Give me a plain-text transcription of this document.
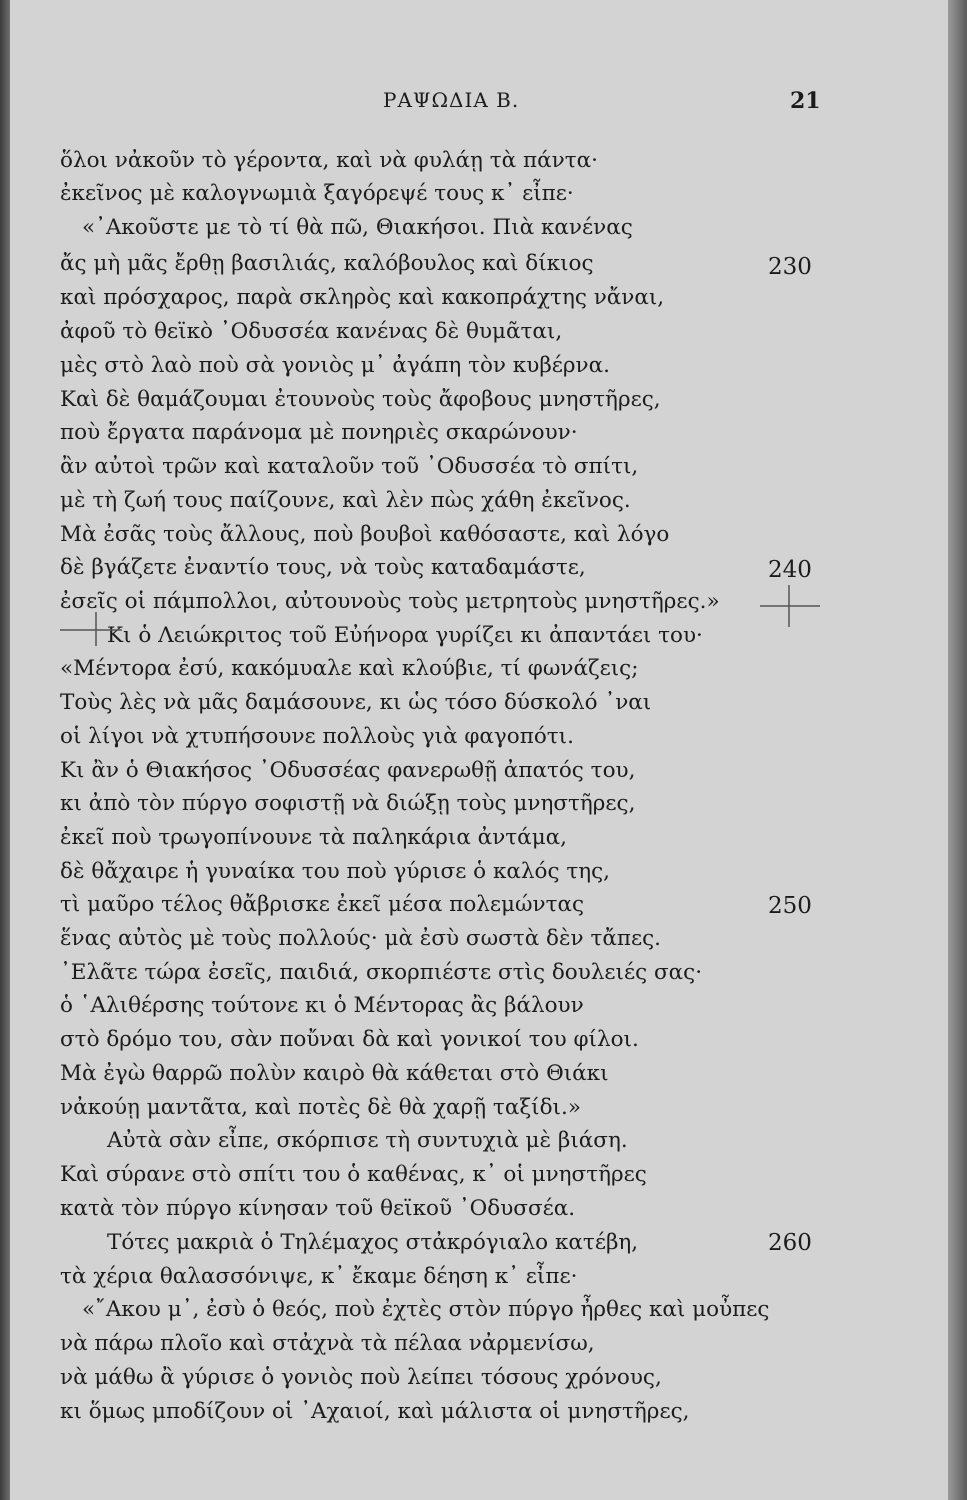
ΡΑΨΩΔΙΑ Β.	21
ὅλοι νἀκοῦν τὸ γέροντα, καὶ νὰ φυλάῃ τὰ πάντα·
ἐκεῖνος μὲ καλογνωμιὰ ξαγόρεψέ τους κ᾿ εἶπε·
«᾿Ακοῦστε με τὸ τί θὰ πῶ, Θιακήσοι. Πιὰ κανένας
ἄς μὴ μᾶς ἔρθῃ βασιλιάς, καλόβουλος καὶ δίκιος
καὶ πρόσχαρος, παρὰ σκληρὸς καὶ κακοπράχτης νἄναι,
ἀφοῦ τὸ θεϊκὸ ᾿Οδυσσέα κανένας δὲ θυμᾶται,
μὲς στὸ λαὸ ποὺ σὰ γονιὸς μ᾿ ἀγάπη τὸν κυβέρνα.
Καὶ δὲ θαμάζουμαι ἐτουνοὺς τοὺς ἄφοβους μνηστῆρες,
ποὺ ἔργατα παράνομα μὲ πονηριὲς σκαρώνουν·
ἂν αὐτοὶ τρῶν καὶ καταλοῦν τοῦ ᾿Οδυσσέα τὸ σπίτι,
μὲ τὴ ζωή τους παίζουνε, καὶ λὲν πὼς χάθη ἐκεῖνος.
Μὰ ἐσᾶς τοὺς ἄλλους, ποὺ βουβοὶ καθόσαστε, καὶ λόγο
δὲ βγάζετε ἐναντίο τους, νὰ τοὺς καταδαμάστε,
ἐσεῖς οἱ πάμπολλοι, αὐτουνοὺς τοὺς μετρητοὺς μνηστῆρες.»
Κι ὁ Λειώκριτος τοῦ Εὐήνορα γυρίζει κι ἀπαντάει του·
«Μέντορα ἐσύ, κακόμυαλε καὶ κλούβιε, τί φωνάζεις;
Τοὺς λὲς νὰ μᾶς δαμάσουνε, κι ὡς τόσο δύσκολό ᾿ναι
οἱ λίγοι νὰ χτυπήσουνε πολλοὺς γιὰ φαγοπότι.
Κι ἂν ὁ Θιακήσος ᾿Οδυσσέας φανερωθῇ ἀπατός του,
κι ἀπὸ τὸν πύργο σοφιστῇ νὰ διώξῃ τοὺς μνηστῆρες,
ἐκεῖ ποὺ τρωγοπίνουνε τὰ παληκάρια ἀντάμα,
δὲ θἄχαιρε ἡ γυναίκα του ποὺ γύρισε ὁ καλός της,
τὶ μαῦρο τέλος θἄβρισκε ἐκεῖ μέσα πολεμώντας
ἕνας αὐτὸς μὲ τοὺς πολλούς· μὰ ἐσὺ σωστὰ δὲν τἄπες.
᾿Ελᾶτε τώρα ἐσεῖς, παιδιά, σκορπιέστε στὶς δουλειές σας·
ὁ ῾Αλιθέρσης τούτονε κι ὁ Μέντορας ἂς βάλουν
στὸ δρόμο του, σὰν ποὔναι δὰ καὶ γονικοί του φίλοι.
Μὰ ἐγὼ θαρρῶ πολὺν καιρὸ θὰ κάθεται στὸ Θιάκι
νἀκούῃ μαντᾶτα, καὶ ποτὲς δὲ θὰ χαρῇ ταξίδι.»
Αὐτὰ σὰν εἶπε, σκόρπισε τὴ συντυχιὰ μὲ βιάση.
Καὶ σύρανε στὸ σπίτι του ὁ καθένας, κ᾿ οἱ μνηστῆρες
κατὰ τὸν πύργο κίνησαν τοῦ θεϊκοῦ ᾿Οδυσσέα.
Τότες μακριὰ ὁ Τηλέμαχος στἀκρόγιαλο κατέβη,
τὰ χέρια θαλασσόνιψε, κ᾿ ἔκαμε δέηση κ᾿ εἶπε·
«῎Ακου μ᾿, ἐσὺ ὁ θεός, ποὺ ἐχτὲς στὸν πύργο ἦρθες καὶ μοὖπες
νὰ πάρω πλοῖο καὶ στἀχνὰ τὰ πέλαα νἀρμενίσω,
νὰ μάθω ἂ γύρισε ὁ γονιὸς ποὺ λείπει τόσους χρόνους,
κι ὅμως μποδίζουν οἱ ᾿Αχαιοί, καὶ μάλιστα οἱ μνηστῆρες,
230
240
250
260
